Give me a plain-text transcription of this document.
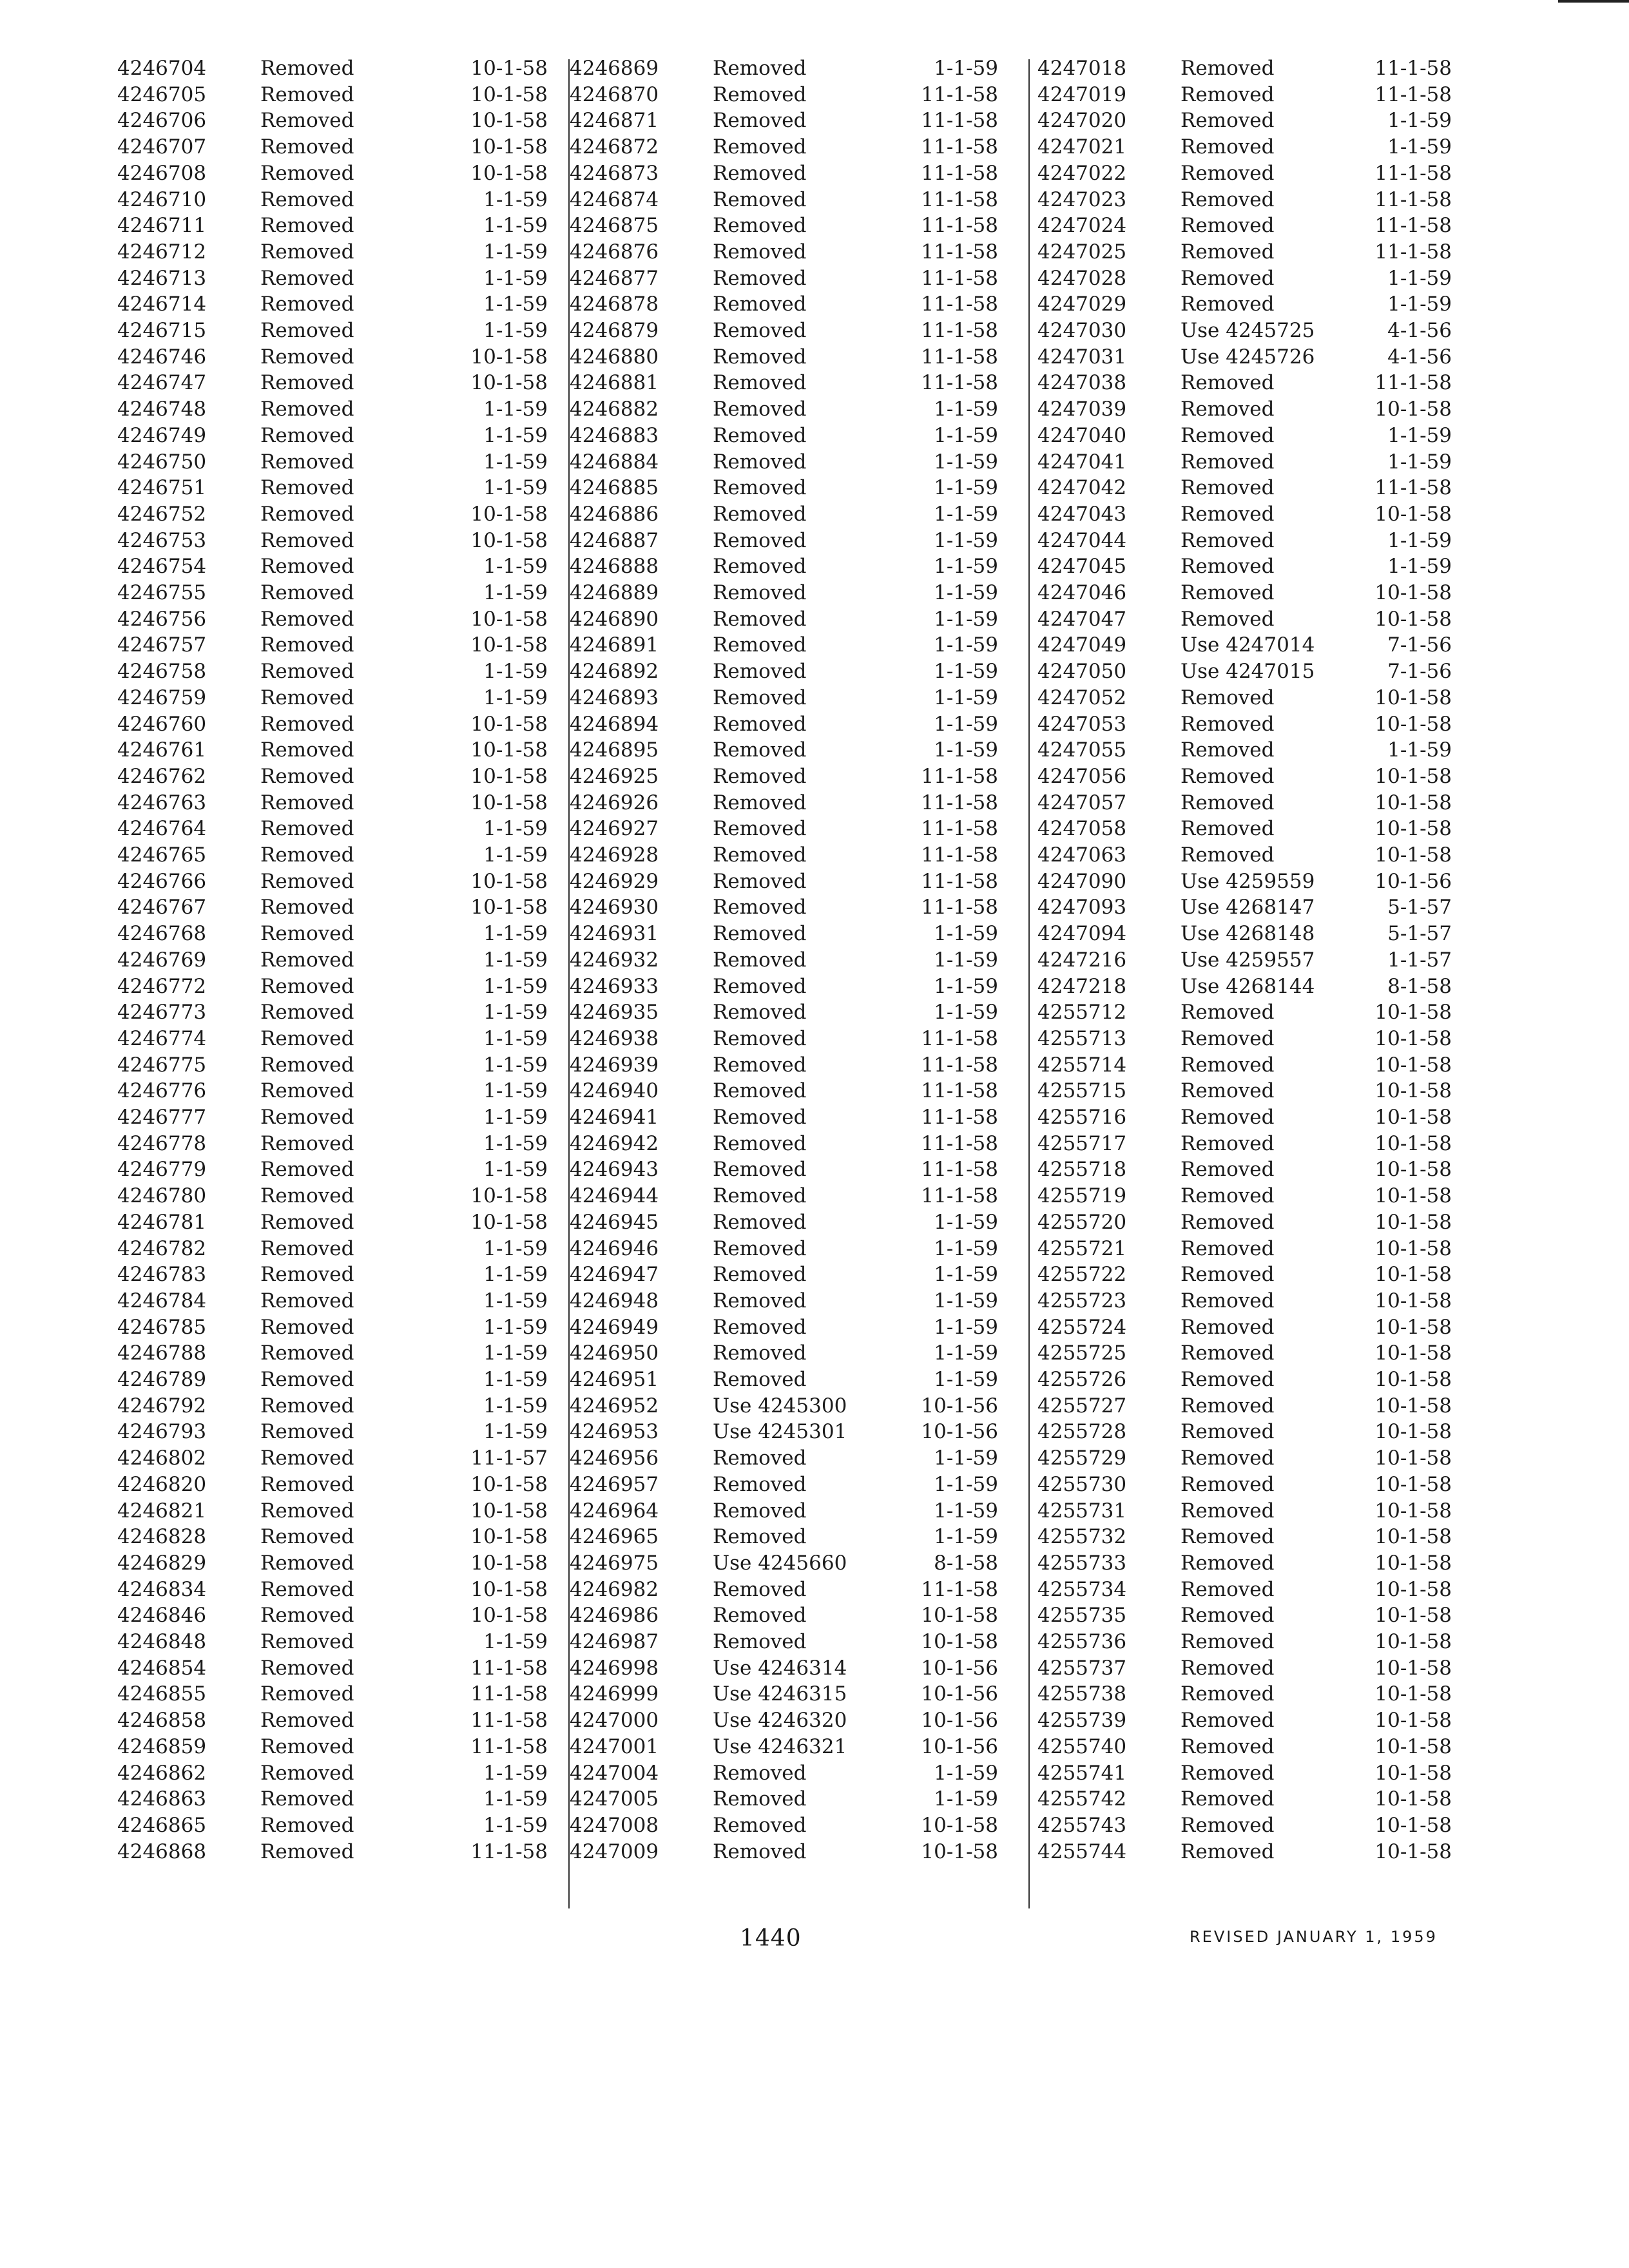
4246704	Removed	10-1-58
4246705	Removed	10-1-58
4246706	Removed	10-1-58
4246707	Removed	10-1-58
4246708	Removed	10-1-58
4246710	Removed	1-1-59
4246711	Removed	1-1-59
4246712	Removed	1-1-59
4246713	Removed	1-1-59
4246714	Removed	1-1-59
4246715	Removed	1-1-59
4246746	Removed	10-1-58
4246747	Removed	10-1-58
4246748	Removed	1-1-59
4246749	Removed	1-1-59
4246750	Removed	1-1-59
4246751	Removed	1-1-59
4246752	Removed	10-1-58
4246753	Removed	10-1-58
4246754	Removed	1-1-59
4246755	Removed	1-1-59
4246756	Removed	10-1-58
4246757	Removed	10-1-58
4246758	Removed	1-1-59
4246759	Removed	1-1-59
4246760	Removed	10-1-58
4246761	Removed	10-1-58
4246762	Removed	10-1-58
4246763	Removed	10-1-58
4246764	Removed	1-1-59
4246765	Removed	1-1-59
4246766	Removed	10-1-58
4246767	Removed	10-1-58
4246768	Removed	1-1-59
4246769	Removed	1-1-59
4246772	Removed	1-1-59
4246773	Removed	1-1-59
4246774	Removed	1-1-59
4246775	Removed	1-1-59
4246776	Removed	1-1-59
4246777	Removed	1-1-59
4246778	Removed	1-1-59
4246779	Removed	1-1-59
4246780	Removed	10-1-58
4246781	Removed	10-1-58
4246782	Removed	1-1-59
4246783	Removed	1-1-59
4246784	Removed	1-1-59
4246785	Removed	1-1-59
4246788	Removed	1-1-59
4246789	Removed	1-1-59
4246792	Removed	1-1-59
4246793	Removed	1-1-59
4246802	Removed	11-1-57
4246820	Removed	10-1-58
4246821	Removed	10-1-58
4246828	Removed	10-1-58
4246829	Removed	10-1-58
4246834	Removed	10-1-58
4246846	Removed	10-1-58
4246848	Removed	1-1-59
4246854	Removed	11-1-58
4246855	Removed	11-1-58
4246858	Removed	11-1-58
4246859	Removed	11-1-58
4246862	Removed	1-1-59
4246863	Removed	1-1-59
4246865	Removed	1-1-59
4246868	Removed	11-1-58
4246869	Removed	1-1-59
4246870	Removed	11-1-58
4246871	Removed	11-1-58
4246872	Removed	11-1-58
4246873	Removed	11-1-58
4246874	Removed	11-1-58
4246875	Removed	11-1-58
4246876	Removed	11-1-58
4246877	Removed	11-1-58
4246878	Removed	11-1-58
4246879	Removed	11-1-58
4246880	Removed	11-1-58
4246881	Removed	11-1-58
4246882	Removed	1-1-59
4246883	Removed	1-1-59
4246884	Removed	1-1-59
4246885	Removed	1-1-59
4246886	Removed	1-1-59
4246887	Removed	1-1-59
4246888	Removed	1-1-59
4246889	Removed	1-1-59
4246890	Removed	1-1-59
4246891	Removed	1-1-59
4246892	Removed	1-1-59
4246893	Removed	1-1-59
4246894	Removed	1-1-59
4246895	Removed	1-1-59
4246925	Removed	11-1-58
4246926	Removed	11-1-58
4246927	Removed	11-1-58
4246928	Removed	11-1-58
4246929	Removed	11-1-58
4246930	Removed	11-1-58
4246931	Removed	1-1-59
4246932	Removed	1-1-59
4246933	Removed	1-1-59
4246935	Removed	1-1-59
4246938	Removed	11-1-58
4246939	Removed	11-1-58
4246940	Removed	11-1-58
4246941	Removed	11-1-58
4246942	Removed	11-1-58
4246943	Removed	11-1-58
4246944	Removed	11-1-58
4246945	Removed	1-1-59
4246946	Removed	1-1-59
4246947	Removed	1-1-59
4246948	Removed	1-1-59
4246949	Removed	1-1-59
4246950	Removed	1-1-59
4246951	Removed	1-1-59
4246952	Use 4245300	10-1-56
4246953	Use 4245301	10-1-56
4246956	Removed	1-1-59
4246957	Removed	1-1-59
4246964	Removed	1-1-59
4246965	Removed	1-1-59
4246975	Use 4245660	8-1-58
4246982	Removed	11-1-58
4246986	Removed	10-1-58
4246987	Removed	10-1-58
4246998	Use 4246314	10-1-56
4246999	Use 4246315	10-1-56
4247000	Use 4246320	10-1-56
4247001	Use 4246321	10-1-56
4247004	Removed	1-1-59
4247005	Removed	1-1-59
4247008	Removed	10-1-58
4247009	Removed	10-1-58
4247018	Removed	11-1-58
4247019	Removed	11-1-58
4247020	Removed	1-1-59
4247021	Removed	1-1-59
4247022	Removed	11-1-58
4247023	Removed	11-1-58
4247024	Removed	11-1-58
4247025	Removed	11-1-58
4247028	Removed	1-1-59
4247029	Removed	1-1-59
4247030	Use 4245725	4-1-56
4247031	Use 4245726	4-1-56
4247038	Removed	11-1-58
4247039	Removed	10-1-58
4247040	Removed	1-1-59
4247041	Removed	1-1-59
4247042	Removed	11-1-58
4247043	Removed	10-1-58
4247044	Removed	1-1-59
4247045	Removed	1-1-59
4247046	Removed	10-1-58
4247047	Removed	10-1-58
4247049	Use 4247014	7-1-56
4247050	Use 4247015	7-1-56
4247052	Removed	10-1-58
4247053	Removed	10-1-58
4247055	Removed	1-1-59
4247056	Removed	10-1-58
4247057	Removed	10-1-58
4247058	Removed	10-1-58
4247063	Removed	10-1-58
4247090	Use 4259559	10-1-56
4247093	Use 4268147	5-1-57
4247094	Use 4268148	5-1-57
4247216	Use 4259557	1-1-57
4247218	Use 4268144	8-1-58
4255712	Removed	10-1-58
4255713	Removed	10-1-58
4255714	Removed	10-1-58
4255715	Removed	10-1-58
4255716	Removed	10-1-58
4255717	Removed	10-1-58
4255718	Removed	10-1-58
4255719	Removed	10-1-58
4255720	Removed	10-1-58
4255721	Removed	10-1-58
4255722	Removed	10-1-58
4255723	Removed	10-1-58
4255724	Removed	10-1-58
4255725	Removed	10-1-58
4255726	Removed	10-1-58
4255727	Removed	10-1-58
4255728	Removed	10-1-58
4255729	Removed	10-1-58
4255730	Removed	10-1-58
4255731	Removed	10-1-58
4255732	Removed	10-1-58
4255733	Removed	10-1-58
4255734	Removed	10-1-58
4255735	Removed	10-1-58
4255736	Removed	10-1-58
4255737	Removed	10-1-58
4255738	Removed	10-1-58
4255739	Removed	10-1-58
4255740	Removed	10-1-58
4255741	Removed	10-1-58
4255742	Removed	10-1-58
4255743	Removed	10-1-58
4255744	Removed	10-1-58
1440	REVISED JANUARY 1, 1959
